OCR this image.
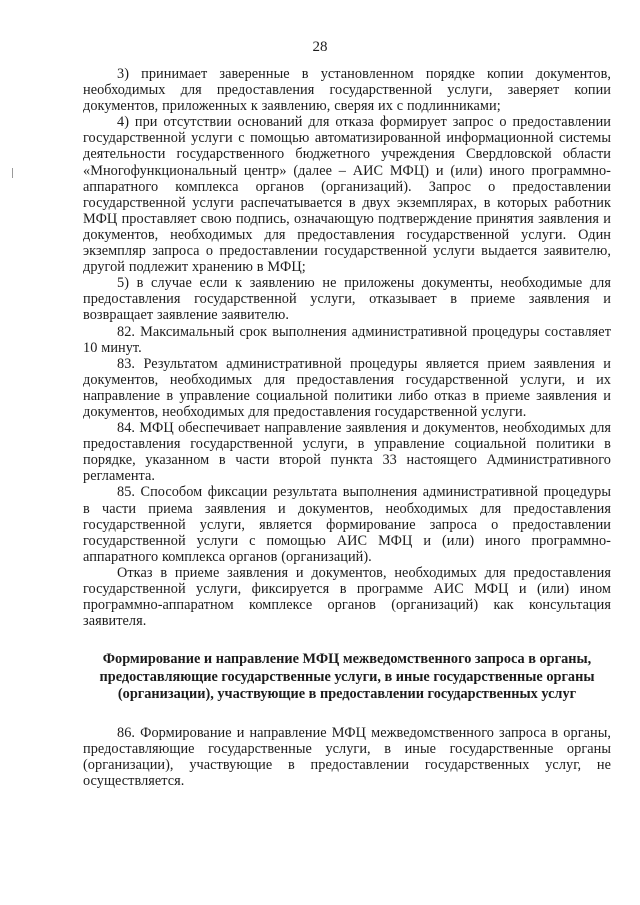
28

3) принимает заверенные в установленном порядке копии документов, необходимых для предоставления государственной услуги, заверяет копии документов, приложенных к заявлению, сверяя их с подлинниками;

4) при отсутствии оснований для отказа формирует запрос о предоставлении государственной услуги с помощью автоматизированной информационной системы деятельности государственного бюджетного учреждения Свердловской области «Многофункциональный центр» (далее – АИС МФЦ) и (или) иного программно-аппаратного комплекса органов (организаций). Запрос о предоставлении государственной услуги распечатывается в двух экземплярах, в которых работник МФЦ проставляет свою подпись, означающую подтверждение принятия заявления и документов, необходимых для предоставления государственной услуги. Один экземпляр запроса о предоставлении государственной услуги выдается заявителю, другой подлежит хранению в МФЦ;

5) в случае если к заявлению не приложены документы, необходимые для предоставления государственной услуги, отказывает в приеме заявления и возвращает заявление заявителю.

82. Максимальный срок выполнения административной процедуры составляет 10 минут.

83. Результатом административной процедуры является прием заявления и документов, необходимых для предоставления государственной услуги, и их направление в управление социальной политики либо отказ в приеме заявления и документов, необходимых для предоставления государственной услуги.

84. МФЦ обеспечивает направление заявления и документов, необходимых для предоставления государственной услуги, в управление социальной политики в порядке, указанном в части второй пункта 33 настоящего Административного регламента.

85. Способом фиксации результата выполнения административной процедуры в части приема заявления и документов, необходимых для предоставления государственной услуги, является формирование запроса о предоставлении государственной услуги с помощью АИС МФЦ и (или) иного программно-аппаратного комплекса органов (организаций).

Отказ в приеме заявления и документов, необходимых для предоставления государственной услуги, фиксируется в программе АИС МФЦ и (или) ином программно-аппаратном комплексе органов (организаций) как консультация заявителя.

Формирование и направление МФЦ межведомственного запроса в органы, предоставляющие государственные услуги, в иные государственные органы (организации), участвующие в предоставлении государственных услуг

86. Формирование и направление МФЦ межведомственного запроса в органы, предоставляющие государственные услуги, в иные государственные органы (организации), участвующие в предоставлении государственных услуг, не осуществляется.
